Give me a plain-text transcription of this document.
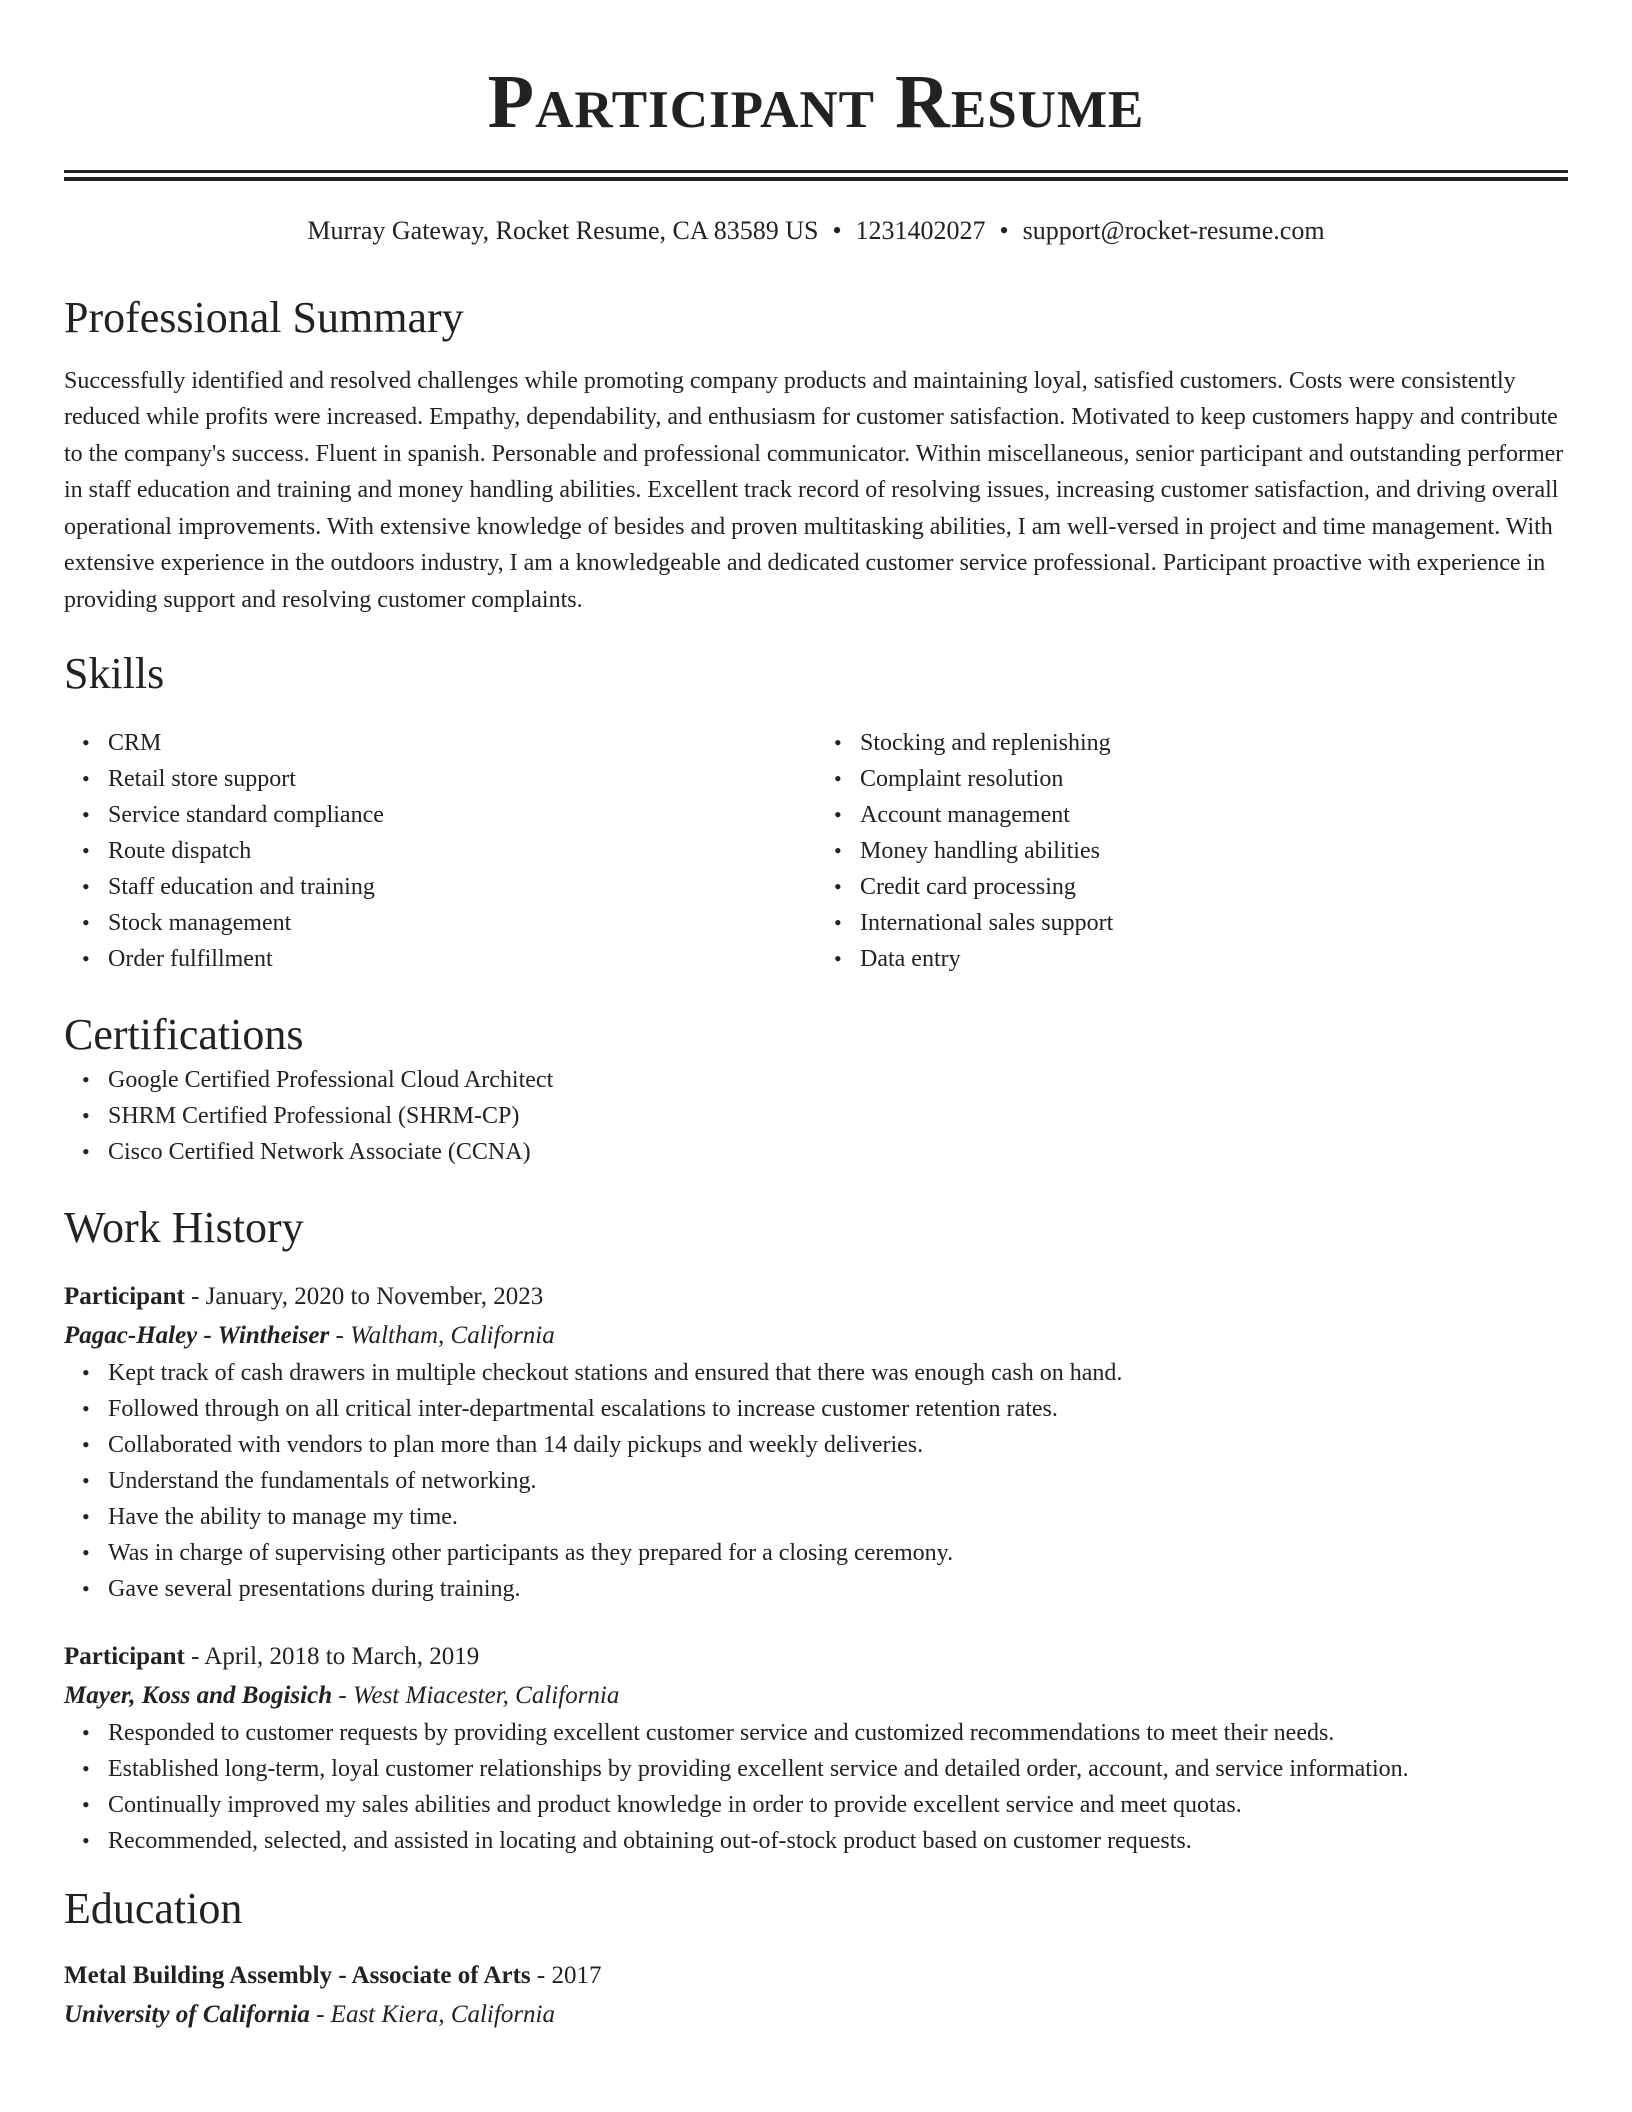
Participant Resume
Murray Gateway, Rocket Resume, CA 83589 US • 1231402027 • support@rocket-resume.com
Professional Summary

Successfully identified and resolved challenges while promoting company products and maintaining loyal, satisfied customers. Costs were consistently reduced while profits were increased. Empathy, dependability, and enthusiasm for customer satisfaction. Motivated to keep customers happy and contribute to the company's success. Fluent in spanish. Personable and professional communicator. Within miscellaneous, senior participant and outstanding performer in staff education and training and money handling abilities. Excellent track record of resolving issues, increasing customer satisfaction, and driving overall operational improvements. With extensive knowledge of besides and proven multitasking abilities, I am well-versed in project and time management. With extensive experience in the outdoors industry, I am a knowledgeable and dedicated customer service professional. Participant proactive with experience in providing support and resolving customer complaints.

Skills
• CRM
• Retail store support
• Service standard compliance
• Route dispatch
• Staff education and training
• Stock management
• Order fulfillment
• Stocking and replenishing
• Complaint resolution
• Account management
• Money handling abilities
• Credit card processing
• International sales support
• Data entry
Certifications
• Google Certified Professional Cloud Architect
• SHRM Certified Professional (SHRM-CP)
• Cisco Certified Network Associate (CCNA)
Work History
Participant - January, 2020 to November, 2023
Pagac-Haley - Wintheiser - Waltham, California
• Kept track of cash drawers in multiple checkout stations and ensured that there was enough cash on hand.
• Followed through on all critical inter-departmental escalations to increase customer retention rates.
• Collaborated with vendors to plan more than 14 daily pickups and weekly deliveries.
• Understand the fundamentals of networking.
• Have the ability to manage my time.
• Was in charge of supervising other participants as they prepared for a closing ceremony.
• Gave several presentations during training.
Participant - April, 2018 to March, 2019
Mayer, Koss and Bogisich - West Miacester, California
• Responded to customer requests by providing excellent customer service and customized recommendations to meet their needs.
• Established long-term, loyal customer relationships by providing excellent service and detailed order, account, and service information.
• Continually improved my sales abilities and product knowledge in order to provide excellent service and meet quotas.
• Recommended, selected, and assisted in locating and obtaining out-of-stock product based on customer requests.
Education
Metal Building Assembly - Associate of Arts - 2017
University of California - East Kiera, California
